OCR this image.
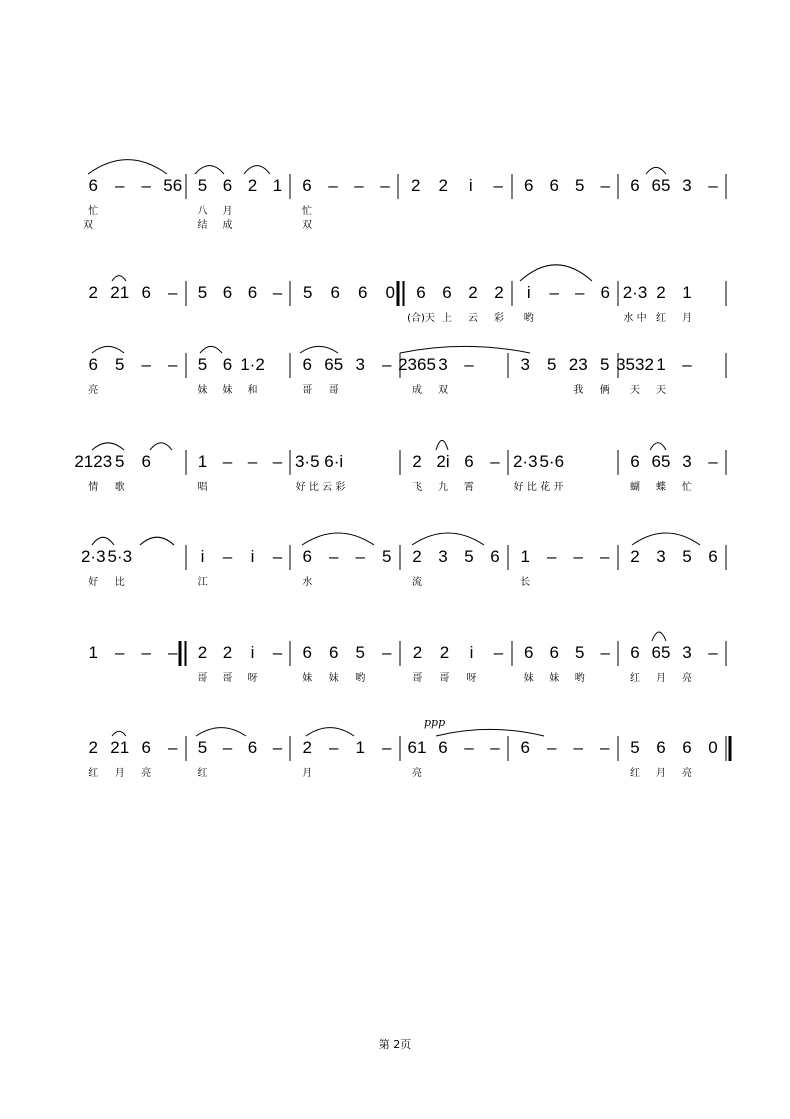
6
忙
– – 56 5
八
结
6
月
成
2 1 6
忙
双
– – – 2 2 i – 6 6 5 – 6 65 3 –
双
2 21 6 – 5 6 6 – 5 6 6 0 6
(合)天
6
上
2
云
2
彩
i
哟
– – 6 2·3
水 中
2
红
1
月
6
亮
5 – – 5
妹
6
妹
1·2
和
6
哥
65
哥
3 – 2365
成
3
双
–	3 5 23
我
5
俩
3532
天
1
天
–
2123
情
5
歌
6	1
唱
– – – 3·5
好 比
6·i
云 彩
2
飞
2i
九
6
霄
– 2·3
好 比
5·6
花 开
6
蝴
65
蝶
3
忙
–
2·3
好
5·3
比
i
江
– i – 6
水
– – 5 2
流
3 5 6 1
长
– – – 2 3 5 6
1 – – – 2
哥
2
哥
i
呀
– 6
妹
6
妹
5
哟
– 2
哥
2
哥
i
呀
– 6
妹
6
妹
5
哟
– 6
红
65
月
3
亮
–
2
红
21
月
6
亮
– 5
红
– 6 – 2
月
– 1 – 61
亮
6 – – 6 – – – 5
红
6
月
6
亮
0
ppp
第 2页
